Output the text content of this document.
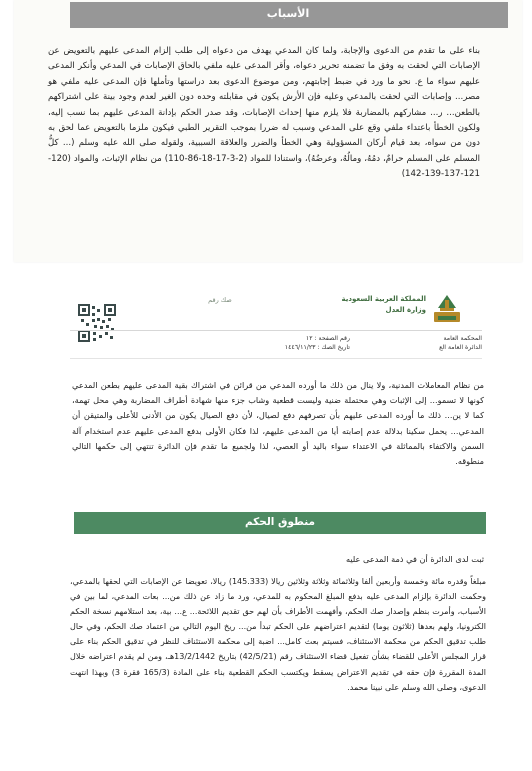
الأسباب
بناء على ما تقدم من الدعوى والإجابة، ولما كان المدعي يهدف من دعواه إلى طلب إلزام المدعى عليهم بالتعويض عن الإصابات التي لحقت به وفق ما تضمنه تحرير دعواه، وأقر المدعى عليه ملفي بالحاق الإصابات في المدعي وأنكر المدعى عليهم سواء ما ع. نحو ما ورد في ضبط إجابتهم، ومن موضوع الدعوى بعد دراستها وتأملها فإن المدعى عليه ملفي هو مصر... وإصابات التي لحقت بالمدعي وعليه فإن الأرش يكون في مقابلته وحده دون الغير لعدم وجود بينة على اشتراكهم بالطعن... ر... مشاركهم بالمضاربة فلا يلزم منها إحداث الإصابات، وقد صدر الحكم بإدانة المدعى عليهم بما نسب إليه، ولكون الخطأ باعتداء ملفي وقع على المدعي وسبب له ضررا بموجب التقرير الطبي فيكون ملزما بالتعويض عما لحق به دون من سواه، بعد قيام أركان المسؤولية وهي الخطأ والضرر والعلاقة السببية، ولقوله صلى الله عليه وسلم (... كلُّ المسلم على المسلم حرامٌ، دمُهُ، ومالُهُ، وعرضُهُ)، واستنادا للمواد (2-3-17-18-86-110) من نظام الإثبات، والمواد (120-121-137-139-142)
المملكة العربية السعودية
وزارة العدل
صك رقم
المحكمة العامة
الدائرة العامة الع
رقم الصفحة : ١٢
تاريخ الصك : ١٤٤٦/١١/٢٣
من نظام المعاملات المدنية، ولا ينال من ذلك ما أورده المدعي من قرائن في اشتراك بقية المدعى عليهم بطعن المدعي كونها لا تسمو... إلى الإثبات وهي محتملة ضنية وليست قطعية وشاب جزء منها شهادة أطراف المضاربة وهي محل تهمة، كما لا ين... ذلك ما أورده المدعى عليهم بأن تصرفهم دفع لصيال، لأن دفع الصيال يكون من الأدنى للأعلى والمتيقن أن المدعي... يحمل سكينا بدلالة عدم إصابته أيا من المدعى عليهم، لذا فكان الأولى بدفع المدعى عليهم عدم استخدام آلة السمن والاكتفاء بالمماثلة في الاعتداء سواء باليد أو العصي، لذا ولجميع ما تقدم فإن الدائرة تنتهي إلى حكمها التالي منطوقه.
منطوق الحكم
ثبت لدى الدائرة أن في ذمة المدعى عليه
مبلغاً وقدره مائة وخمسة وأربعين ألفا وثلاثمائة وثلاثة وثلاثين ريالا (145.333) ريالا، تعويضا عن الإصابات التي لحقها بالمدعي، وحكمت الدائرة بإلزام المدعى عليه بدفع المبلغ المحكوم به للمدعي، ورد ما زاد عن ذلك من... بعات المدعي، لما بين في الأسباب، وأمرت بنظم وإصدار صك الحكم، وأفهمت الأطراف بأن لهم حق تقديم اللائحة... ع... بية، بعد استلامهم نسخة الحكم الكترونيا، ولهم بعدها (ثلاثون يوما) لتقديم اعتراضهم على الحكم تبدأ من... ريخ اليوم التالي من اعتماد صك الحكم، وفي حال طلب تدقيق الحكم من محكمة الاستئناف، فسيتم بعث كامل... اضبة إلى محكمة الاستئناف للنظر في تدقيق الحكم بناء على قرار المجلس الأعلى للقضاء بشأن تفعيل قضاء الاستئناف رقم (42/5/21) بتاريخ 13/2/1442هـ، ومن لم يقدم اعتراضه خلال المدة المقررة فإن حقه في تقديم الاعتراض يسقط ويكتسب الحكم القطعية بناء على المادة (165/3 فقرة 3) وبهذا انتهت الدعوى، وصلى الله وسلم على نبينا محمد.
